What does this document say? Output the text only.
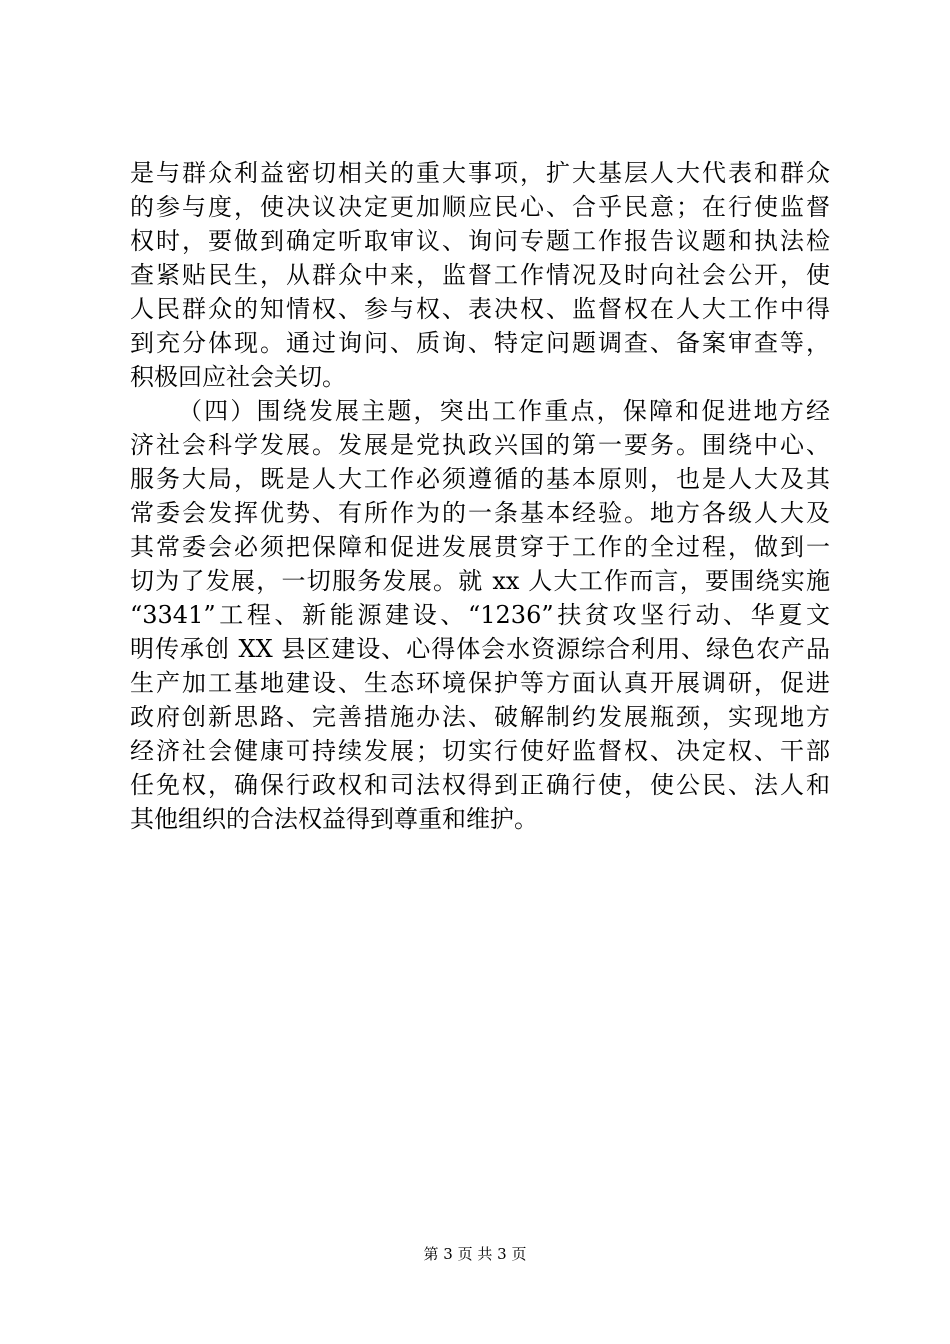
是与群众利益密切相关的重大事项，扩大基层人大代表和群众
的参与度，使决议决定更加顺应民心、合乎民意；在行使监督
权时，要做到确定听取审议、询问专题工作报告议题和执法检
查紧贴民生，从群众中来，监督工作情况及时向社会公开，使
人民群众的知情权、参与权、表决权、监督权在人大工作中得
到充分体现。通过询问、质询、特定问题调查、备案审查等，
积极回应社会关切。
（四）围绕发展主题，突出工作重点，保障和促进地方经
济社会科学发展。发展是党执政兴国的第一要务。围绕中心、
服务大局，既是人大工作必须遵循的基本原则，也是人大及其
常委会发挥优势、有所作为的一条基本经验。地方各级人大及
其常委会必须把保障和促进发展贯穿于工作的全过程，做到一
切为了发展，一切服务发展。就 xx 人大工作而言，要围绕实施
“3341”工程、新能源建设、“1236”扶贫攻坚行动、华夏文
明传承创 XX 县区建设、心得体会水资源综合利用、绿色农产品
生产加工基地建设、生态环境保护等方面认真开展调研，促进
政府创新思路、完善措施办法、破解制约发展瓶颈，实现地方
经济社会健康可持续发展；切实行使好监督权、决定权、干部
任免权，确保行政权和司法权得到正确行使，使公民、法人和
其他组织的合法权益得到尊重和维护。
第 3 页 共 3 页
